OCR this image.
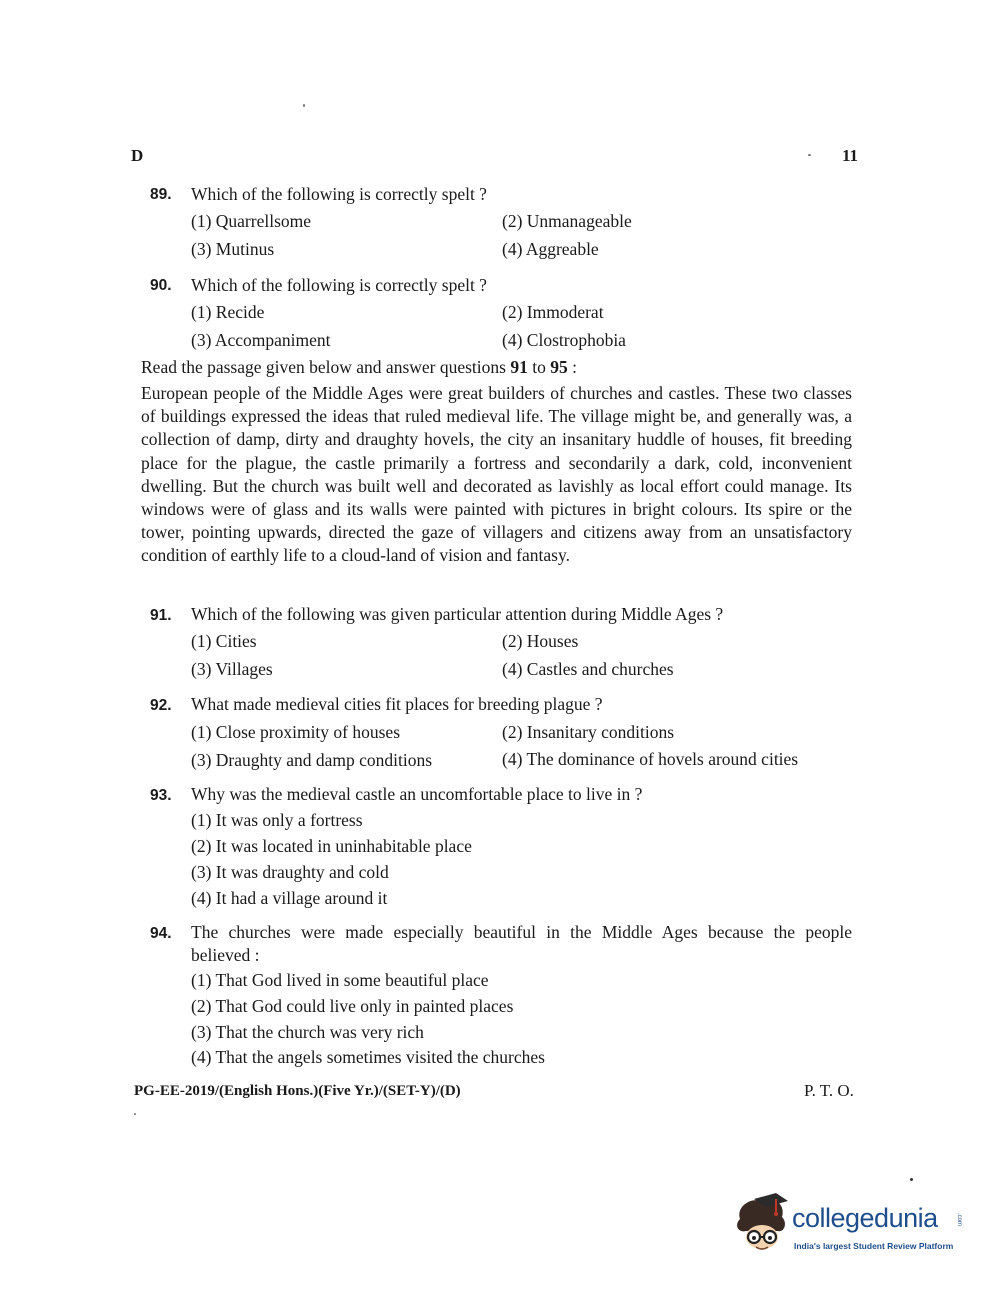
D	11
89. Which of the following is correctly spelt ?
(1) Quarrellsome	(2) Unmanageable
(3) Mutinus	(4) Aggreable
90. Which of the following is correctly spelt ?
(1) Recide	(2) Immoderat
(3) Accompaniment	(4) Clostrophobia
Read the passage given below and answer questions 91 to 95 :
European people of the Middle Ages were great builders of churches and castles. These two classes of buildings expressed the ideas that ruled medieval life. The village might be, and generally was, a collection of damp, dirty and draughty hovels, the city an insanitary huddle of houses, fit breeding place for the plague, the castle primarily a fortress and secondarily a dark, cold, inconvenient dwelling. But the church was built well and decorated as lavishly as local effort could manage. Its windows were of glass and its walls were painted with pictures in bright colours. Its spire or the tower, pointing upwards, directed the gaze of villagers and citizens away from an unsatisfactory condition of earthly life to a cloud-land of vision and fantasy.
91. Which of the following was given particular attention during Middle Ages ?
(1) Cities	(2) Houses
(3) Villages	(4) Castles and churches
92. What made medieval cities fit places for breeding plague ?
(1) Close proximity of houses	(2) Insanitary conditions
(3) Draughty and damp conditions	(4) The dominance of hovels around cities
93. Why was the medieval castle an uncomfortable place to live in ?
(1) It was only a fortress
(2) It was located in uninhabitable place
(3) It was draughty and cold
(4) It had a village around it
94. The churches were made especially beautiful in the Middle Ages because the people
believed :
(1) That God lived in some beautiful place
(2) That God could live only in painted places
(3) That the church was very rich
(4) That the angels sometimes visited the churches
PG-EE-2019/(English Hons.)(Five Yr.)/(SET-Y)/(D)	P. T. O.
collegedunia	.com
India's largest Student Review Platform
